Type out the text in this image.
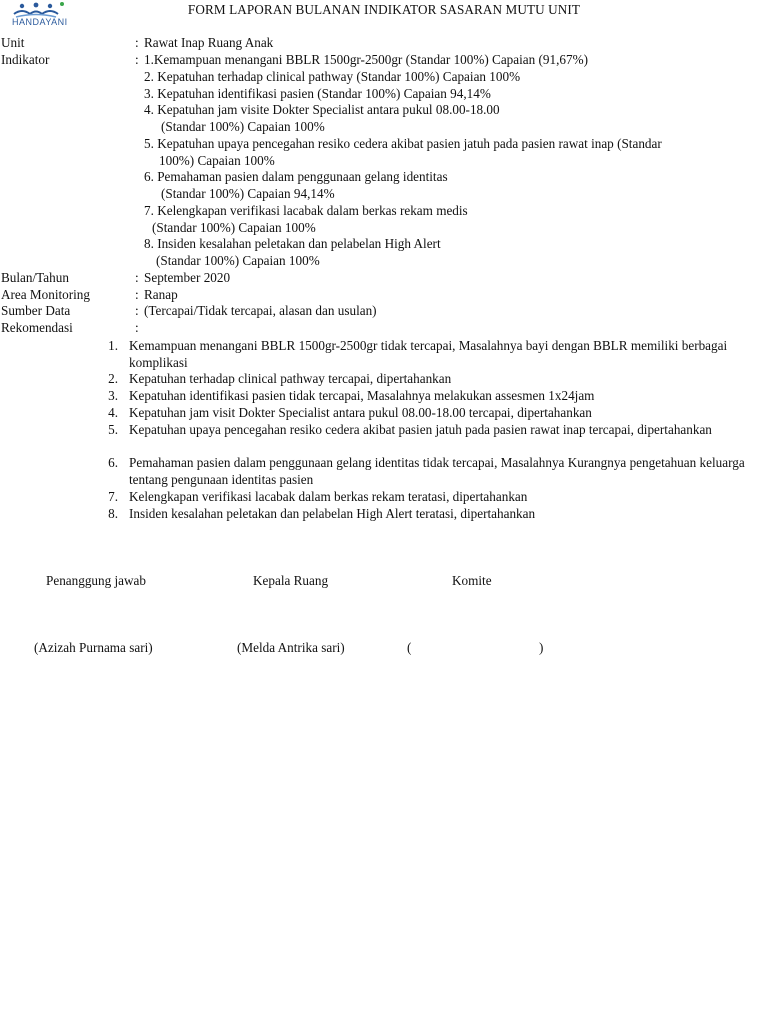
HANDAYANI
FORM LAPORAN BULANAN INDIKATOR SASARAN MUTU UNIT
Unit	: Rawat Inap Ruang Anak
Indikator	: 1.Kemampuan menangani BBLR 1500gr-2500gr (Standar 100%) Capaian (91,67%)
2. Kepatuhan terhadap clinical pathway (Standar 100%) Capaian 100%
3. Kepatuhan identifikasi pasien (Standar 100%) Capaian 94,14%
4. Kepatuhan jam visite Dokter Specialist antara pukul 08.00-18.00
(Standar 100%) Capaian 100%
5. Kepatuhan upaya pencegahan resiko cedera akibat pasien jatuh pada pasien rawat inap (Standar
100%) Capaian 100%
6. Pemahaman pasien dalam penggunaan gelang identitas
(Standar 100%) Capaian 94,14%
7. Kelengkapan verifikasi lacabak dalam berkas rekam medis
(Standar 100%) Capaian 100%
8. Insiden kesalahan peletakan dan pelabelan High Alert
(Standar 100%) Capaian 100%
Bulan/Tahun	: September 2020
Area Monitoring	: Ranap
Sumber Data	: (Tercapai/Tidak tercapai, alasan dan usulan)
Rekomendasi	:
1. Kemampuan menangani BBLR 1500gr-2500gr tidak tercapai, Masalahnya bayi dengan BBLR memiliki berbagai komplikasi
2. Kepatuhan terhadap clinical pathway tercapai, dipertahankan
3. Kepatuhan identifikasi pasien tidak tercapai, Masalahnya melakukan assesmen 1x24jam
4. Kepatuhan jam visit Dokter Specialist antara pukul 08.00-18.00 tercapai, dipertahankan
5. Kepatuhan upaya pencegahan resiko cedera akibat pasien jatuh pada pasien rawat inap tercapai, dipertahankan
6. Pemahaman pasien dalam penggunaan gelang identitas tidak tercapai, Masalahnya Kurangnya pengetahuan keluarga tentang pengunaan identitas pasien
7. Kelengkapan verifikasi lacabak dalam berkas rekam teratasi, dipertahankan
8. Insiden kesalahan peletakan dan pelabelan High Alert teratasi, dipertahankan
Penanggung jawab	Kepala Ruang	Komite
(Azizah Purnama sari)	(Melda Antrika sari)	(	)
